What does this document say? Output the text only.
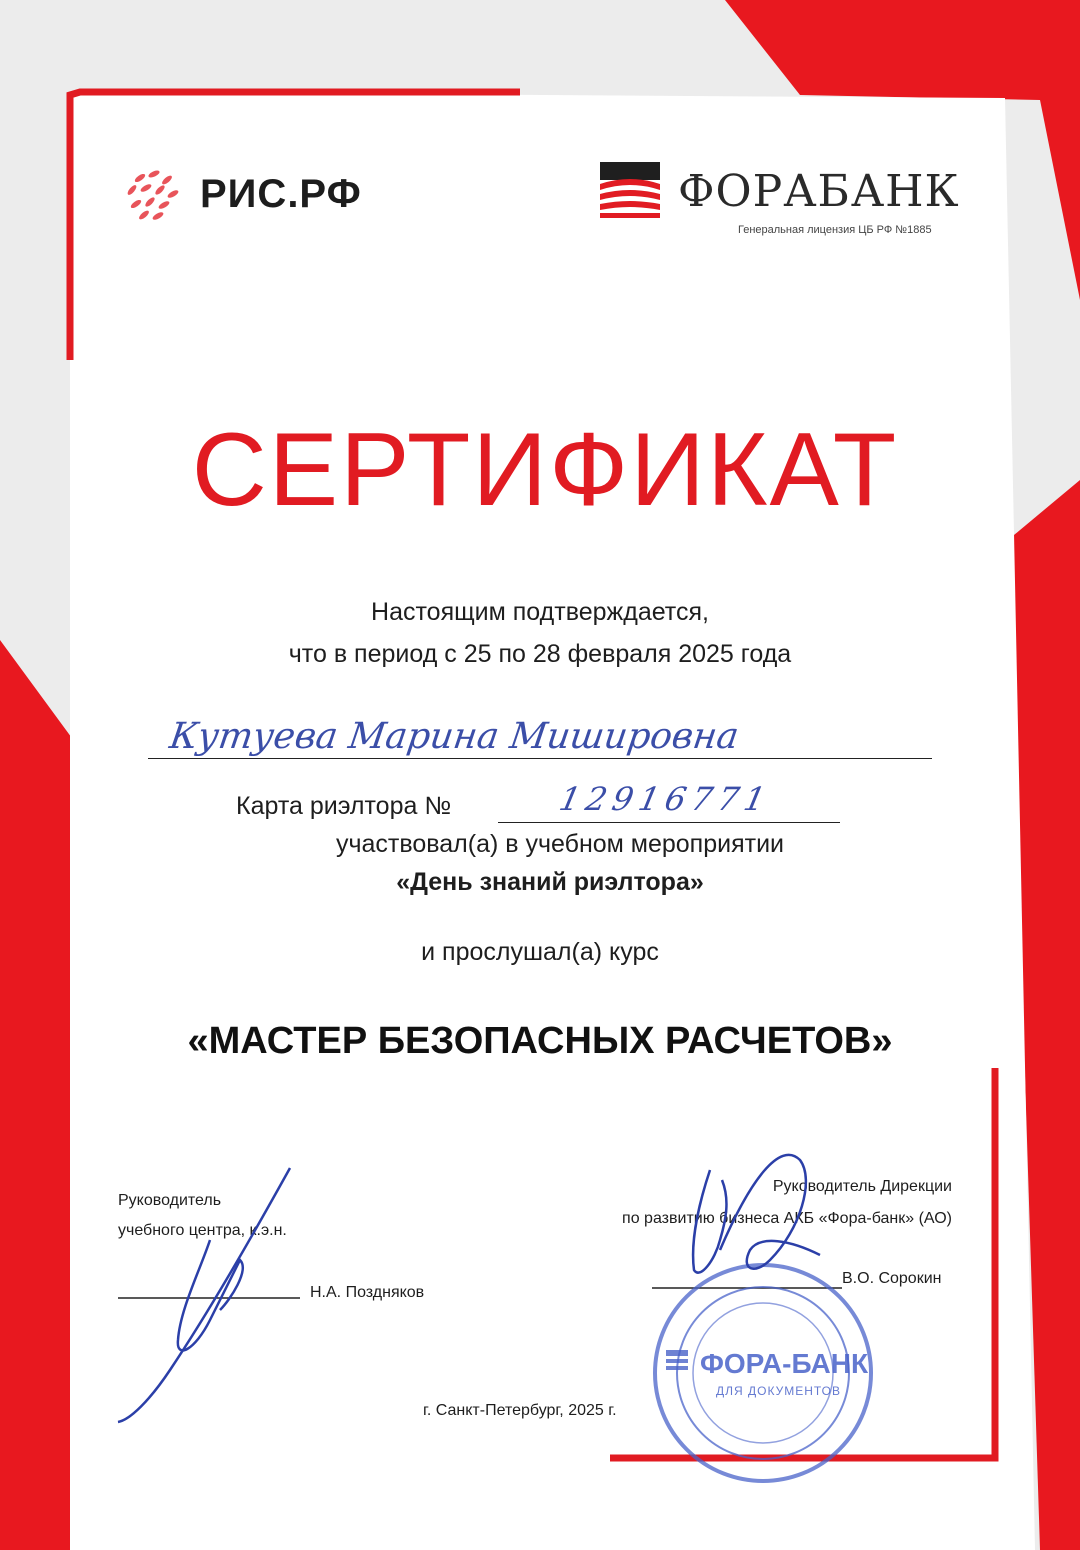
РИС.РФ	ФОРАБАНК
Генеральная лицензия ЦБ РФ №1885
СЕРТИФИКАТ
Настоящим подтверждается,
что в период с 25 по 28 февраля 2025 года
Кутуева Марина Мишировна
Карта риэлтора №	12916771
участвовал(а) в учебном мероприятии
«День знаний риэлтора»
и прослушал(а) курс
«МАСТЕР БЕЗОПАСНЫХ РАСЧЕТОВ»
Руководитель
учебного центра, к.э.н.
Н.А. Поздняков
Руководитель Дирекции
по развитию бизнеса АКБ «Фора-банк» (АО)
В.О. Сорокин
г. Санкт-Петербург, 2025 г.
ФОРА-БАНК
ДЛЯ ДОКУМЕНТОВ
